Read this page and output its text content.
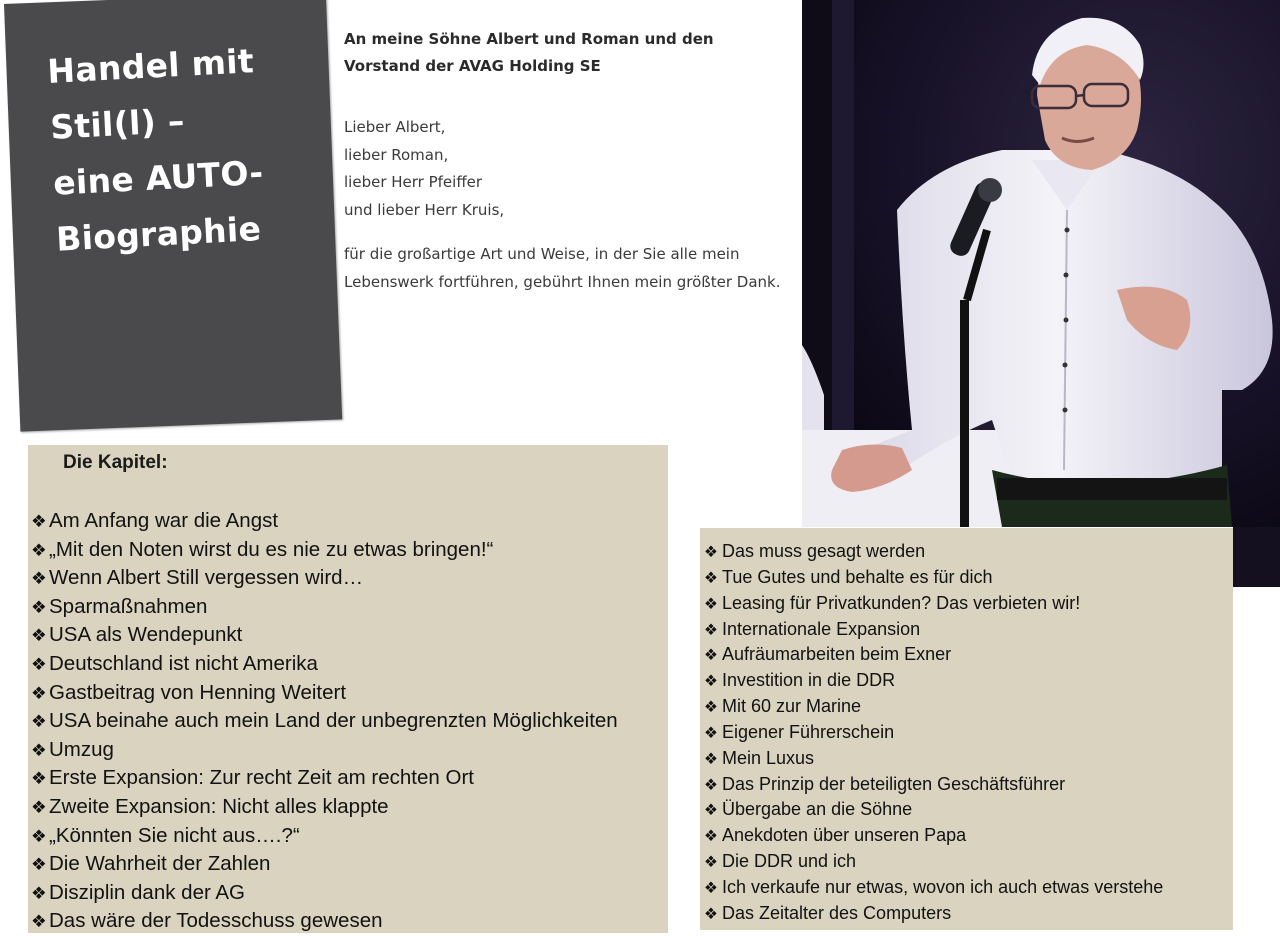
Handel mit
Stil(l) –
eine AUTO-
Biographie

An meine Söhne Albert und Roman und den Vorstand der AVAG Holding SE

Lieber Albert,
lieber Roman,
lieber Herr Pfeiffer
und lieber Herr Kruis,

für die großartige Art und Weise, in der Sie alle mein Lebenswerk fortführen, gebührt Ihnen mein größter Dank.

Die Kapitel:
❖ Am Anfang war die Angst
❖ „Mit den Noten wirst du es nie zu etwas bringen!“
❖ Wenn Albert Still vergessen wird…
❖ Sparmaßnahmen
❖ USA als Wendepunkt
❖ Deutschland ist nicht Amerika
❖ Gastbeitrag von Henning Weitert
❖ USA beinahe auch mein Land der unbegrenzten Möglichkeiten
❖ Umzug
❖ Erste Expansion: Zur recht Zeit am rechten Ort
❖ Zweite Expansion: Nicht alles klappte
❖ „Könnten Sie nicht aus….?“
❖ Die Wahrheit der Zahlen
❖ Disziplin dank der AG
❖ Das wäre der Todesschuss gewesen
❖ Das muss gesagt werden
❖ Tue Gutes und behalte es für dich
❖ Leasing für Privatkunden? Das verbieten wir!
❖ Internationale Expansion
❖ Aufräumarbeiten beim Exner
❖ Investition in die DDR
❖ Mit 60 zur Marine
❖ Eigener Führerschein
❖ Mein Luxus
❖ Das Prinzip der beteiligten Geschäftsführer
❖ Übergabe an die Söhne
❖ Anekdoten über unseren Papa
❖ Die DDR und ich
❖ Ich verkaufe nur etwas, wovon ich auch etwas verstehe
❖ Das Zeitalter des Computers
